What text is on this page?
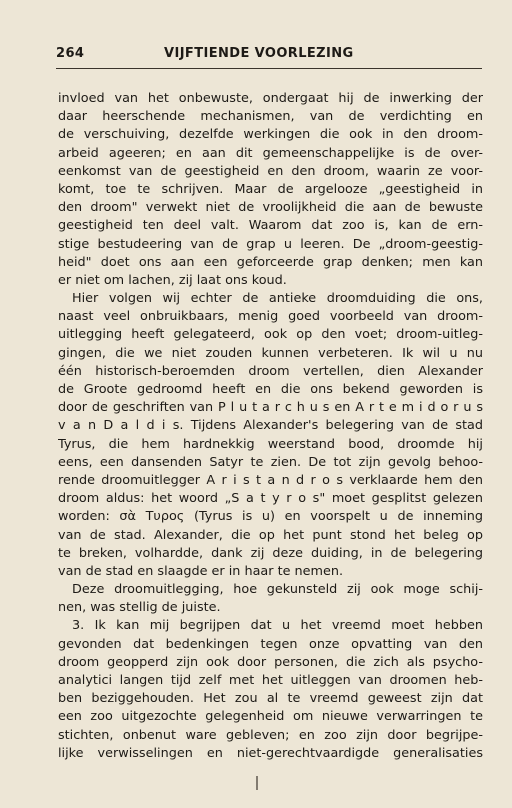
264	VIJFTIENDE VOORLEZING
invloed van het onbewuste, ondergaat hij de inwerking der
daar heerschende mechanismen, van de verdichting en
de verschuiving, dezelfde werkingen die ook in den droom-
arbeid ageeren; en aan dit gemeenschappelijke is de over-
eenkomst van de geestigheid en den droom, waarin ze voor-
komt, toe te schrijven. Maar de argelooze „geestigheid in
den droom" verwekt niet de vroolijkheid die aan de bewuste
geestigheid ten deel valt. Waarom dat zoo is, kan de ern-
stige bestudeering van de grap u leeren. De „droom-geestig-
heid" doet ons aan een geforceerde grap denken; men kan
er niet om lachen, zij laat ons koud.
Hier volgen wij echter de antieke droomduiding die ons,
naast veel onbruikbaars, menig goed voorbeeld van droom-
uitlegging heeft gelegateerd, ook op den voet; droom-uitleg-
gingen, die we niet zouden kunnen verbeteren. Ik wil u nu
één historisch-beroemden droom vertellen, dien Alexander
de Groote gedroomd heeft en die ons bekend geworden is
door de geschriften van P l u t a r c h u s en A r t e m i d o r u s
v a n D a l d i s. Tijdens Alexander's belegering van de stad
Tyrus, die hem hardnekkig weerstand bood, droomde hij
eens, een dansenden Satyr te zien. De tot zijn gevolg behoo-
rende droomuitlegger A r i s t a n d r o s verklaarde hem den
droom aldus: het woord „S a t y r o s" moet gesplitst gelezen
worden: σὰ Τυρος (Tyrus is u) en voorspelt u de inneming
van de stad. Alexander, die op het punt stond het beleg op
te breken, volhardde, dank zij deze duiding, in de belegering
van de stad en slaagde er in haar te nemen.
Deze droomuitlegging, hoe gekunsteld zij ook moge schij-
nen, was stellig de juiste.
3. Ik kan mij begrijpen dat u het vreemd moet hebben
gevonden dat bedenkingen tegen onze opvatting van den
droom geopperd zijn ook door personen, die zich als psycho-
analytici langen tijd zelf met het uitleggen van droomen heb-
ben beziggehouden. Het zou al te vreemd geweest zijn dat
een zoo uitgezochte gelegenheid om nieuwe verwarringen te
stichten, onbenut ware gebleven; en zoo zijn door begrijpe-
lijke verwisselingen en niet-gerechtvaardigde generalisaties
